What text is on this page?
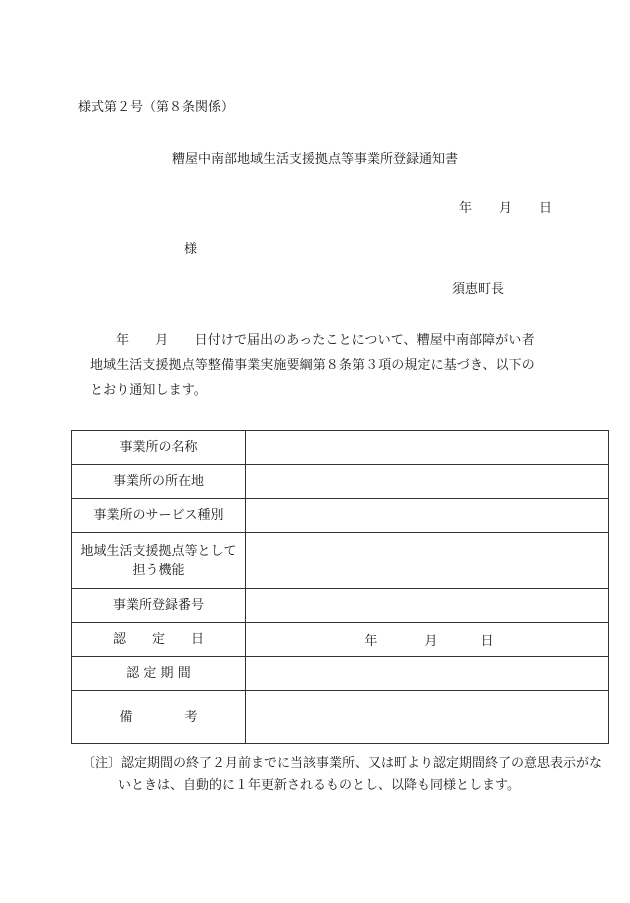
様式第２号（第８条関係）
糟屋中南部地域生活支援拠点等事業所登録通知書
年 月 日
様
須恵町長
年　　月　　日付けで届出のあったことについて、糟屋中南部障がい者
地域生活支援拠点等整備事業実施要綱第８条第３項の規定に基づき、以下の
とおり通知します。
事業所の名称	
事業所の所在地	
事業所のサービス種別	

地域生活支援拠点等として
担う機能	

事業所登録番号	
認　　定　　日	年 月 日
認 定 期 間	
備　　　　考	
〔注〕認定期間の終了２月前までに当該事業所、又は町より認定期間終了の意思表示がな
いときは、自動的に１年更新されるものとし、以降も同様とします。
